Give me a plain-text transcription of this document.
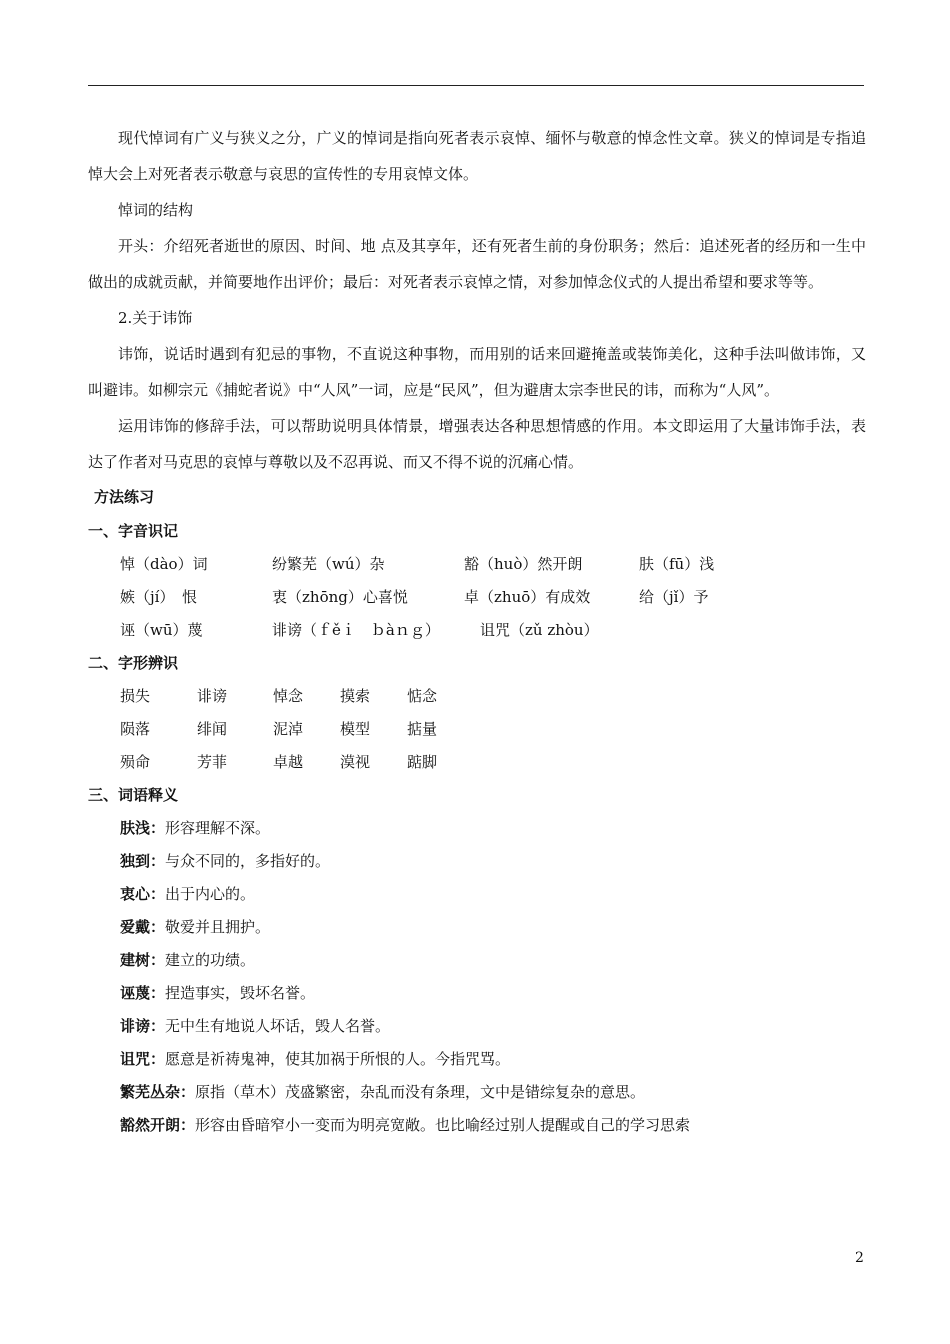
现代悼词有广义与狭义之分，广义的悼词是指向死者表示哀悼、缅怀与敬意的悼念性文章。狭义的悼词是专指追悼大会上对死者表示敬意与哀思的宣传性的专用哀悼文体。

悼词的结构

开头：介绍死者逝世的原因、时间、地 点及其享年，还有死者生前的身份职务；然后：追述死者的经历和一生中做出的成就贡献，并简要地作出评价；最后：对死者表示哀悼之情，对参加悼念仪式的人提出希望和要求等等。

2.关于讳饰

讳饰，说话时遇到有犯忌的事物，不直说这种事物，而用别的话来回避掩盖或装饰美化，这种手法叫做讳饰，又叫避讳。如柳宗元《捕蛇者说》中“人风”一词，应是“民风”，但为避唐太宗李世民的讳，而称为“人风”。

运用讳饰的修辞手法，可以帮助说明具体情景，增强表达各种思想情感的作用。本文即运用了大量讳饰手法，表达了作者对马克思的哀悼与尊敬以及不忍再说、而又不得不说的沉痛心情。

方法练习

一、字音识记

悼（dào）词	纷繁芜（wú）杂	豁（huò）然开朗	肤（fū）浅
嫉（jí）　恨	衷（zhōng）心喜悦	卓（zhuō）有成效	给（jǐ）予
诬（wū）蔑	诽谤（ｆěｉ　ｂàｎｇ）	诅咒（zǔ zhòu）

二、字形辨识

损失	诽谤	悼念	摸索	惦念
陨落	绯闻	泥淖	模型	掂量
殒命	芳菲	卓越	漠视	踮脚

三、词语释义

肤浅：形容理解不深。

独到：与众不同的，多指好的。

衷心：出于内心的。

爱戴：敬爱并且拥护。

建树：建立的功绩。

诬蔑：捏造事实，毁坏名誉。

诽谤：无中生有地说人坏话，毁人名誉。

诅咒：愿意是祈祷鬼神，使其加祸于所恨的人。今指咒骂。

繁芜丛杂：原指（草木）茂盛繁密，杂乱而没有条理，文中是错综复杂的意思。

豁然开朗：形容由昏暗窄小一变而为明亮宽敞。也比喻经过别人提醒或自己的学习思索

2
